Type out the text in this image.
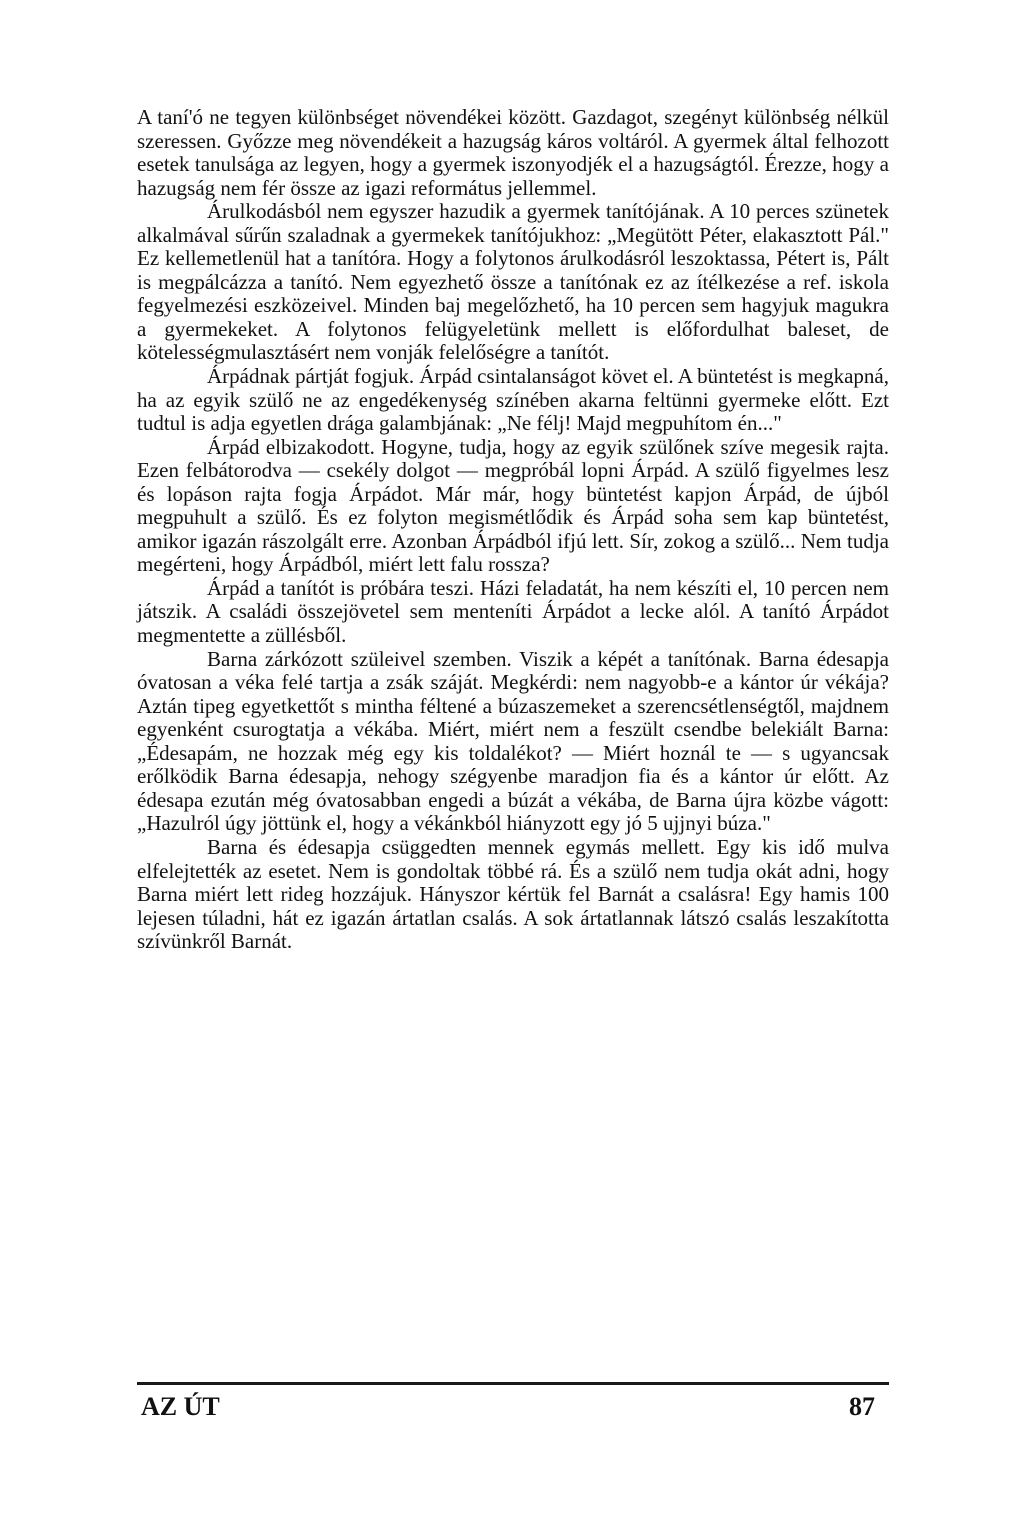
A taní'ó ne tegyen különbséget növendékei között. Gazdagot, szegényt különbség nélkül szeressen. Győzze meg növendékeit a hazugság káros voltáról. A gyermek által felhozott esetek tanulsága az legyen, hogy a gyermek iszonyodjék el a hazugságtól. Érezze, hogy a hazugság nem fér össze az igazi református jellemmel.

Árulkodásból nem egyszer hazudik a gyermek tanítójának. A 10 perces szünetek alkalmával sűrűn szaladnak a gyermekek tanítójukhoz: „Megütött Péter, elakasztott Pál." Ez kellemetlenül hat a tanítóra. Hogy a folytonos árulkodásról leszoktassa, Pétert is, Pált is megpálcázza a tanító. Nem egyezhető össze a tanítónak ez az ítélkezése a ref. iskola fegyelmezési eszközeivel. Minden baj megelőzhető, ha 10 percen sem hagyjuk magukra a gyermekeket. A folytonos felügyeletünk mellett is előfordulhat baleset, de kötelességmulasztásért nem vonják felelőségre a tanítót.

Árpádnak pártját fogjuk. Árpád csintalanságot követ el. A büntetést is megkapná, ha az egyik szülő ne az engedékenység színében akarna feltünni gyermeke előtt. Ezt tudtul is adja egyetlen drága galambjának: „Ne félj! Majd megpuhítom én..."

Árpád elbizakodott. Hogyne, tudja, hogy az egyik szülőnek szíve megesik rajta. Ezen felbátorodva — csekély dolgot — megpróbál lopni Árpád. A szülő figyelmes lesz és lopáson rajta fogja Árpádot. Már már, hogy büntetést kapjon Árpád, de újból megpuhult a szülő. És ez folyton megismétlődik és Árpád soha sem kap büntetést, amikor igazán rászolgált erre. Azonban Árpádból ifjú lett. Sír, zokog a szülő... Nem tudja megérteni, hogy Árpádból, miért lett falu rossza?

Árpád a tanítót is próbára teszi. Házi feladatát, ha nem készíti el, 10 percen nem játszik. A családi összejövetel sem menteníti Árpádot a lecke alól. A tanító Árpádot megmentette a züllésből.

Barna zárkózott szüleivel szemben. Viszik a képét a tanítónak. Barna édesapja óvatosan a véka felé tartja a zsák száját. Megkérdi: nem nagyobb-e a kántor úr vékája? Aztán tipeg egyetkettőt s mintha féltené a búzaszemeket a szerencsétlenségtől, majdnem egyenként csurogtatja a vékába. Miért, miért nem a feszült csendbe belekiált Barna: „Édesapám, ne hozzak még egy kis toldalékot? — Miért hoznál te — s ugyancsak erőlködik Barna édesapja, nehogy szégyenbe maradjon fia és a kántor úr előtt. Az édesapa ezután még óvatosabban engedi a búzát a vékába, de Barna újra közbe vágott: „Hazulról úgy jöttünk el, hogy a vékánkból hiányzott egy jó 5 ujjnyi búza."

Barna és édesapja csüggedten mennek egymás mellett. Egy kis idő mulva elfelejtették az esetet. Nem is gondoltak többé rá. És a szülő nem tudja okát adni, hogy Barna miért lett rideg hozzájuk. Hányszor kértük fel Barnát a csalásra! Egy hamis 100 lejesen túladni, hát ez igazán ártatlan csalás. A sok ártatlannak látszó csalás leszakította szívünkről Barnát.

AZ ÚT	87
